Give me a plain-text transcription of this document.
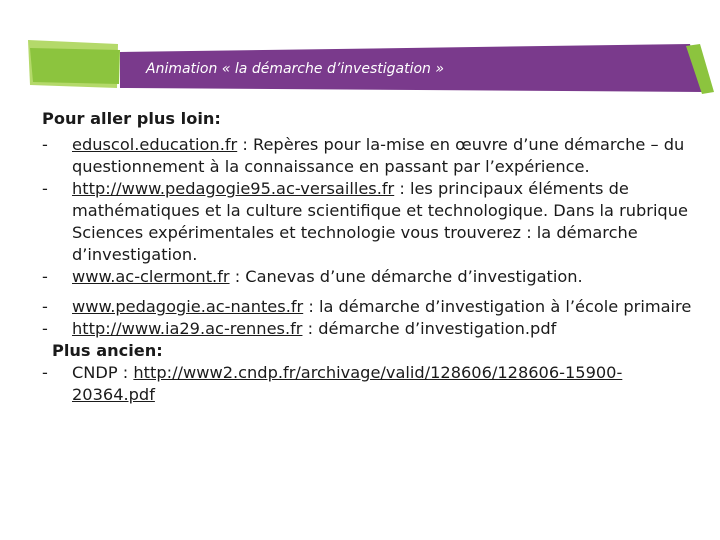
Animation « la démarche d’investigation »
Pour aller plus loin:
- eduscol.education.fr : Repères pour la-mise en œuvre d’une démarche – du questionnement à la connaissance en passant par l’expérience.
- http://www.pedagogie95.ac-versailles.fr : les principaux éléments de mathématiques et la culture scientifique et technologique. Dans la rubrique Sciences expérimentales et technologie vous trouverez : la démarche d’investigation.
- www.ac-clermont.fr : Canevas d’une démarche d’investigation.
- www.pedagogie.ac-nantes.fr : la démarche d’investigation à l’école primaire
- http://www.ia29.ac-rennes.fr : démarche d’investigation.pdf
Plus ancien:
- CNDP : http://www2.cndp.fr/archivage/valid/128606/128606-15900-20364.pdf
